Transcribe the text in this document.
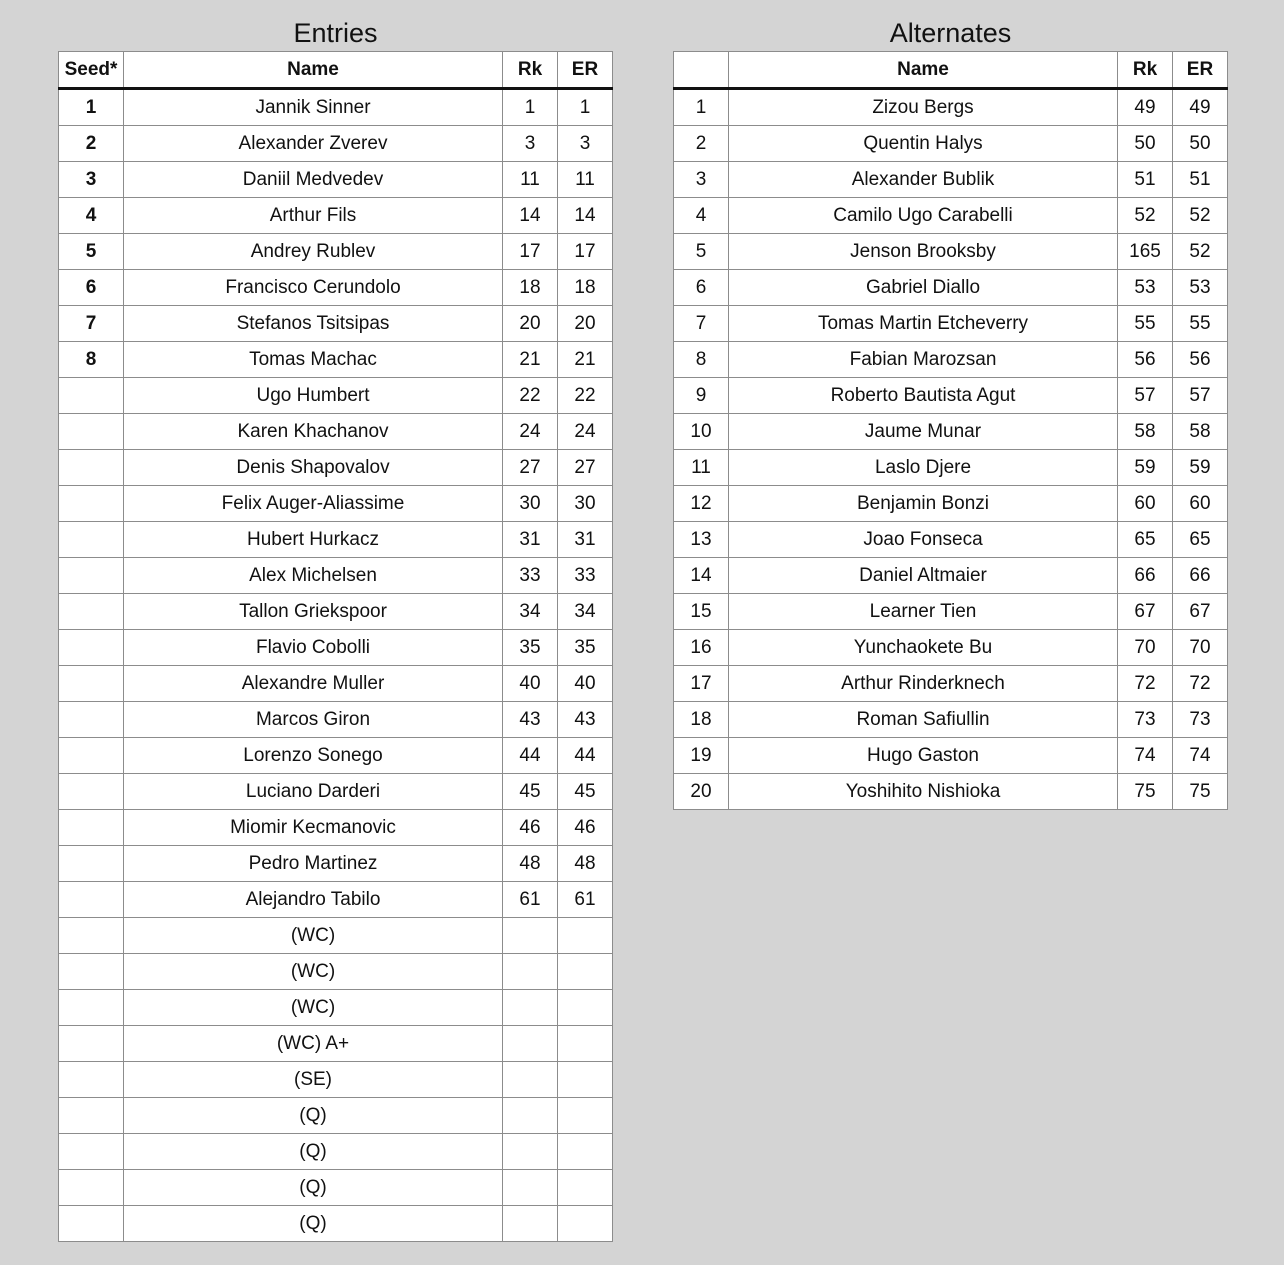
Entries
Seed*	Name	Rk	ER
1	Jannik Sinner	1	1
2	Alexander Zverev	3	3
3	Daniil Medvedev	11	11
4	Arthur Fils	14	14
5	Andrey Rublev	17	17
6	Francisco Cerundolo	18	18
7	Stefanos Tsitsipas	20	20
8	Tomas Machac	21	21
	Ugo Humbert	22	22
	Karen Khachanov	24	24
	Denis Shapovalov	27	27
	Felix Auger-Aliassime	30	30
	Hubert Hurkacz	31	31
	Alex Michelsen	33	33
	Tallon Griekspoor	34	34
	Flavio Cobolli	35	35
	Alexandre Muller	40	40
	Marcos Giron	43	43
	Lorenzo Sonego	44	44
	Luciano Darderi	45	45
	Miomir Kecmanovic	46	46
	Pedro Martinez	48	48
	Alejandro Tabilo	61	61
	(WC)		
	(WC)		
	(WC)		
	(WC) A+		
	(SE)		
	(Q)		
	(Q)		
	(Q)		
	(Q)		
Alternates
	Name	Rk	ER
1	Zizou Bergs	49	49
2	Quentin Halys	50	50
3	Alexander Bublik	51	51
4	Camilo Ugo Carabelli	52	52
5	Jenson Brooksby	165	52
6	Gabriel Diallo	53	53
7	Tomas Martin Etcheverry	55	55
8	Fabian Marozsan	56	56
9	Roberto Bautista Agut	57	57
10	Jaume Munar	58	58
11	Laslo Djere	59	59
12	Benjamin Bonzi	60	60
13	Joao Fonseca	65	65
14	Daniel Altmaier	66	66
15	Learner Tien	67	67
16	Yunchaokete Bu	70	70
17	Arthur Rinderknech	72	72
18	Roman Safiullin	73	73
19	Hugo Gaston	74	74
20	Yoshihito Nishioka	75	75
